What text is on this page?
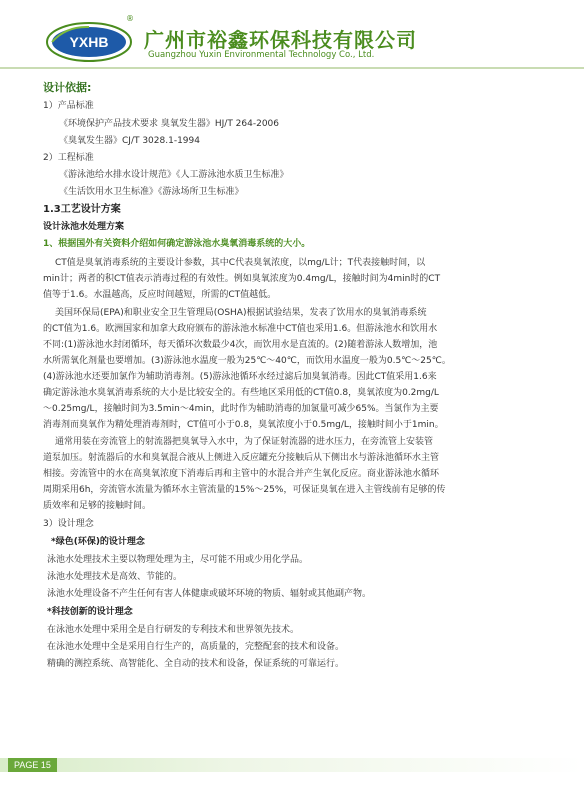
YXHB
®
广州市裕鑫环保科技有限公司
Guangzhou Yuxin Environmental Technology Co., Ltd.
设计依据:
1）产品标准
《环境保护产品技术要求 臭氧发生器》HJ/T 264-2006
《臭氧发生器》CJ/T 3028.1-1994
2）工程标准
《游泳池给水排水设计规范》《人工游泳池水质卫生标准》
《生活饮用水卫生标准》《游泳场所卫生标准》
1.3工艺设计方案
设计泳池水处理方案
1、根据国外有关资料介绍如何确定游泳池水臭氧消毒系统的大小。
CT值是臭氧消毒系统的主要设计参数，其中C代表臭氧浓度，以mg/L计；T代表接触时间，以
min计；两者的积CT值表示消毒过程的有效性。例如臭氧浓度为0.4mg/L，接触时间为4min时的CT
值等于1.6。水温越高，反应时间越短，所需的CT值越低。
美国环保局(EPA)和职业安全卫生管理局(OSHA)根据试验结果，发表了饮用水的臭氧消毒系统
的CT值为1.6。欧洲国家和加拿大政府颁布的游泳池水标准中CT值也采用1.6。但游泳池水和饮用水
不同:(1)游泳池水封闭循环，每天循环次数最少4次，而饮用水是直流的。(2)随着游泳人数增加，池
水所需氧化剂量也要增加。(3)游泳池水温度一般为25℃～40℃，而饮用水温度一般为0.5℃～25℃。
(4)游泳池水还要加氯作为辅助消毒剂。(5)游泳池循环水经过滤后加臭氧消毒。因此CT值采用1.6来
确定游泳池水臭氧消毒系统的大小是比较安全的。有些地区采用低的CT值0.8，臭氧浓度为0.2mg/L
～0.25mg/L，接触时间为3.5min～4min，此时作为辅助消毒的加氯量可减少65%。当氯作为主要
消毒剂而臭氧作为精处理消毒剂时，CT值可小于0.8，臭氧浓度小于0.5mg/L，接触时间小于1min。
通常用装在旁流管上的射流器把臭氧导入水中，为了保证射流器的进水压力，在旁流管上安装管
道泵加压。射流器后的水和臭氧混合液从上侧进入反应罐充分接触后从下侧出水与游泳池循环水主管
相接。旁流管中的水在高臭氧浓度下消毒后再和主管中的水混合并产生氧化反应。商业游泳池水循环
周期采用6h，旁流管水流量为循环水主管流量的15%～25%，可保证臭氧在进入主管线前有足够的传
质效率和足够的接触时间。
3）设计理念
*绿色(环保)的设计理念
泳池水处理技术主要以物理处理为主，尽可能不用或少用化学品。
泳池水处理技术是高效、节能的。
泳池水处理设备不产生任何有害人体健康或破坏环境的物质、辐射或其他副产物。
*科技创新的设计理念
在泳池水处理中采用全是自行研发的专利技术和世界领先技术。
在泳池水处理中全是采用自行生产的，高质量的，完整配套的技术和设备。
精确的测控系统、高智能化、全自动的技术和设备，保证系统的可靠运行。
PAGE 15
